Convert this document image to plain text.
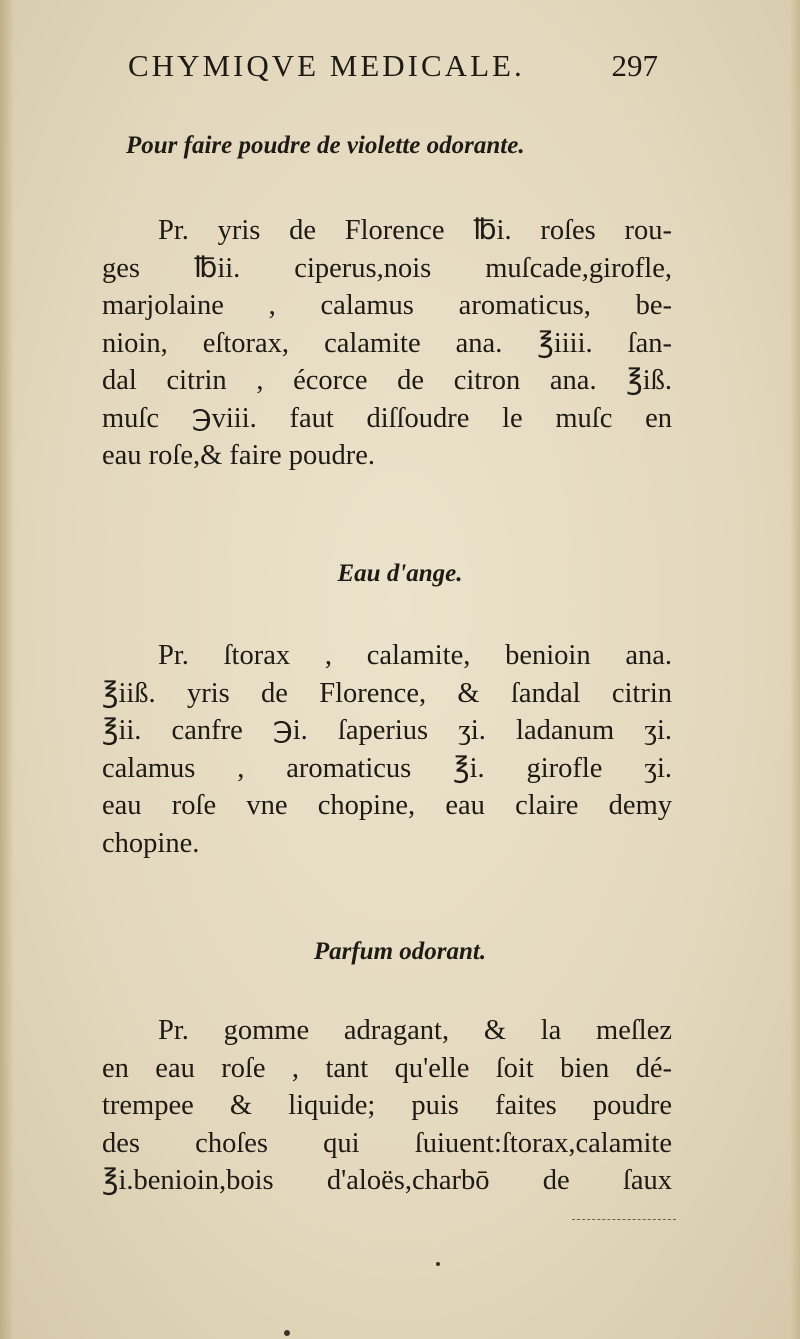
CHYMIQVE MEDICALE.	297
Pour faire poudre de violette odorante.
Pr. yris de Florence ℔i. roſes rou-
ges ℔ii. ciperus,nois muſcade,girofle,
marjolaine , calamus aromaticus, be-
nioin, eſtorax, calamite ana. ℥iiii. ſan-
dal citrin , écorce de citron ana. ℥iß.
muſc ℈viii. faut diſſoudre le muſc en
eau roſe,& faire poudre.
Eau d'ange.
Pr. ſtorax , calamite, benioin ana.
℥iiß. yris de Florence, & ſandal citrin
℥ii. canfre ℈i. ſaperius ʒi. ladanum ʒi.
calamus , aromaticus ℥i. girofle ʒi.
eau roſe vne chopine, eau claire demy
chopine.
Parfum odorant.
Pr. gomme adragant, & la meſlez
en eau roſe , tant qu'elle ſoit bien dé-
trempee & liquide; puis faites poudre
des choſes qui ſuiuent:ſtorax,calamite
℥i.benioin,bois d'aloës,charbō de ſaux
